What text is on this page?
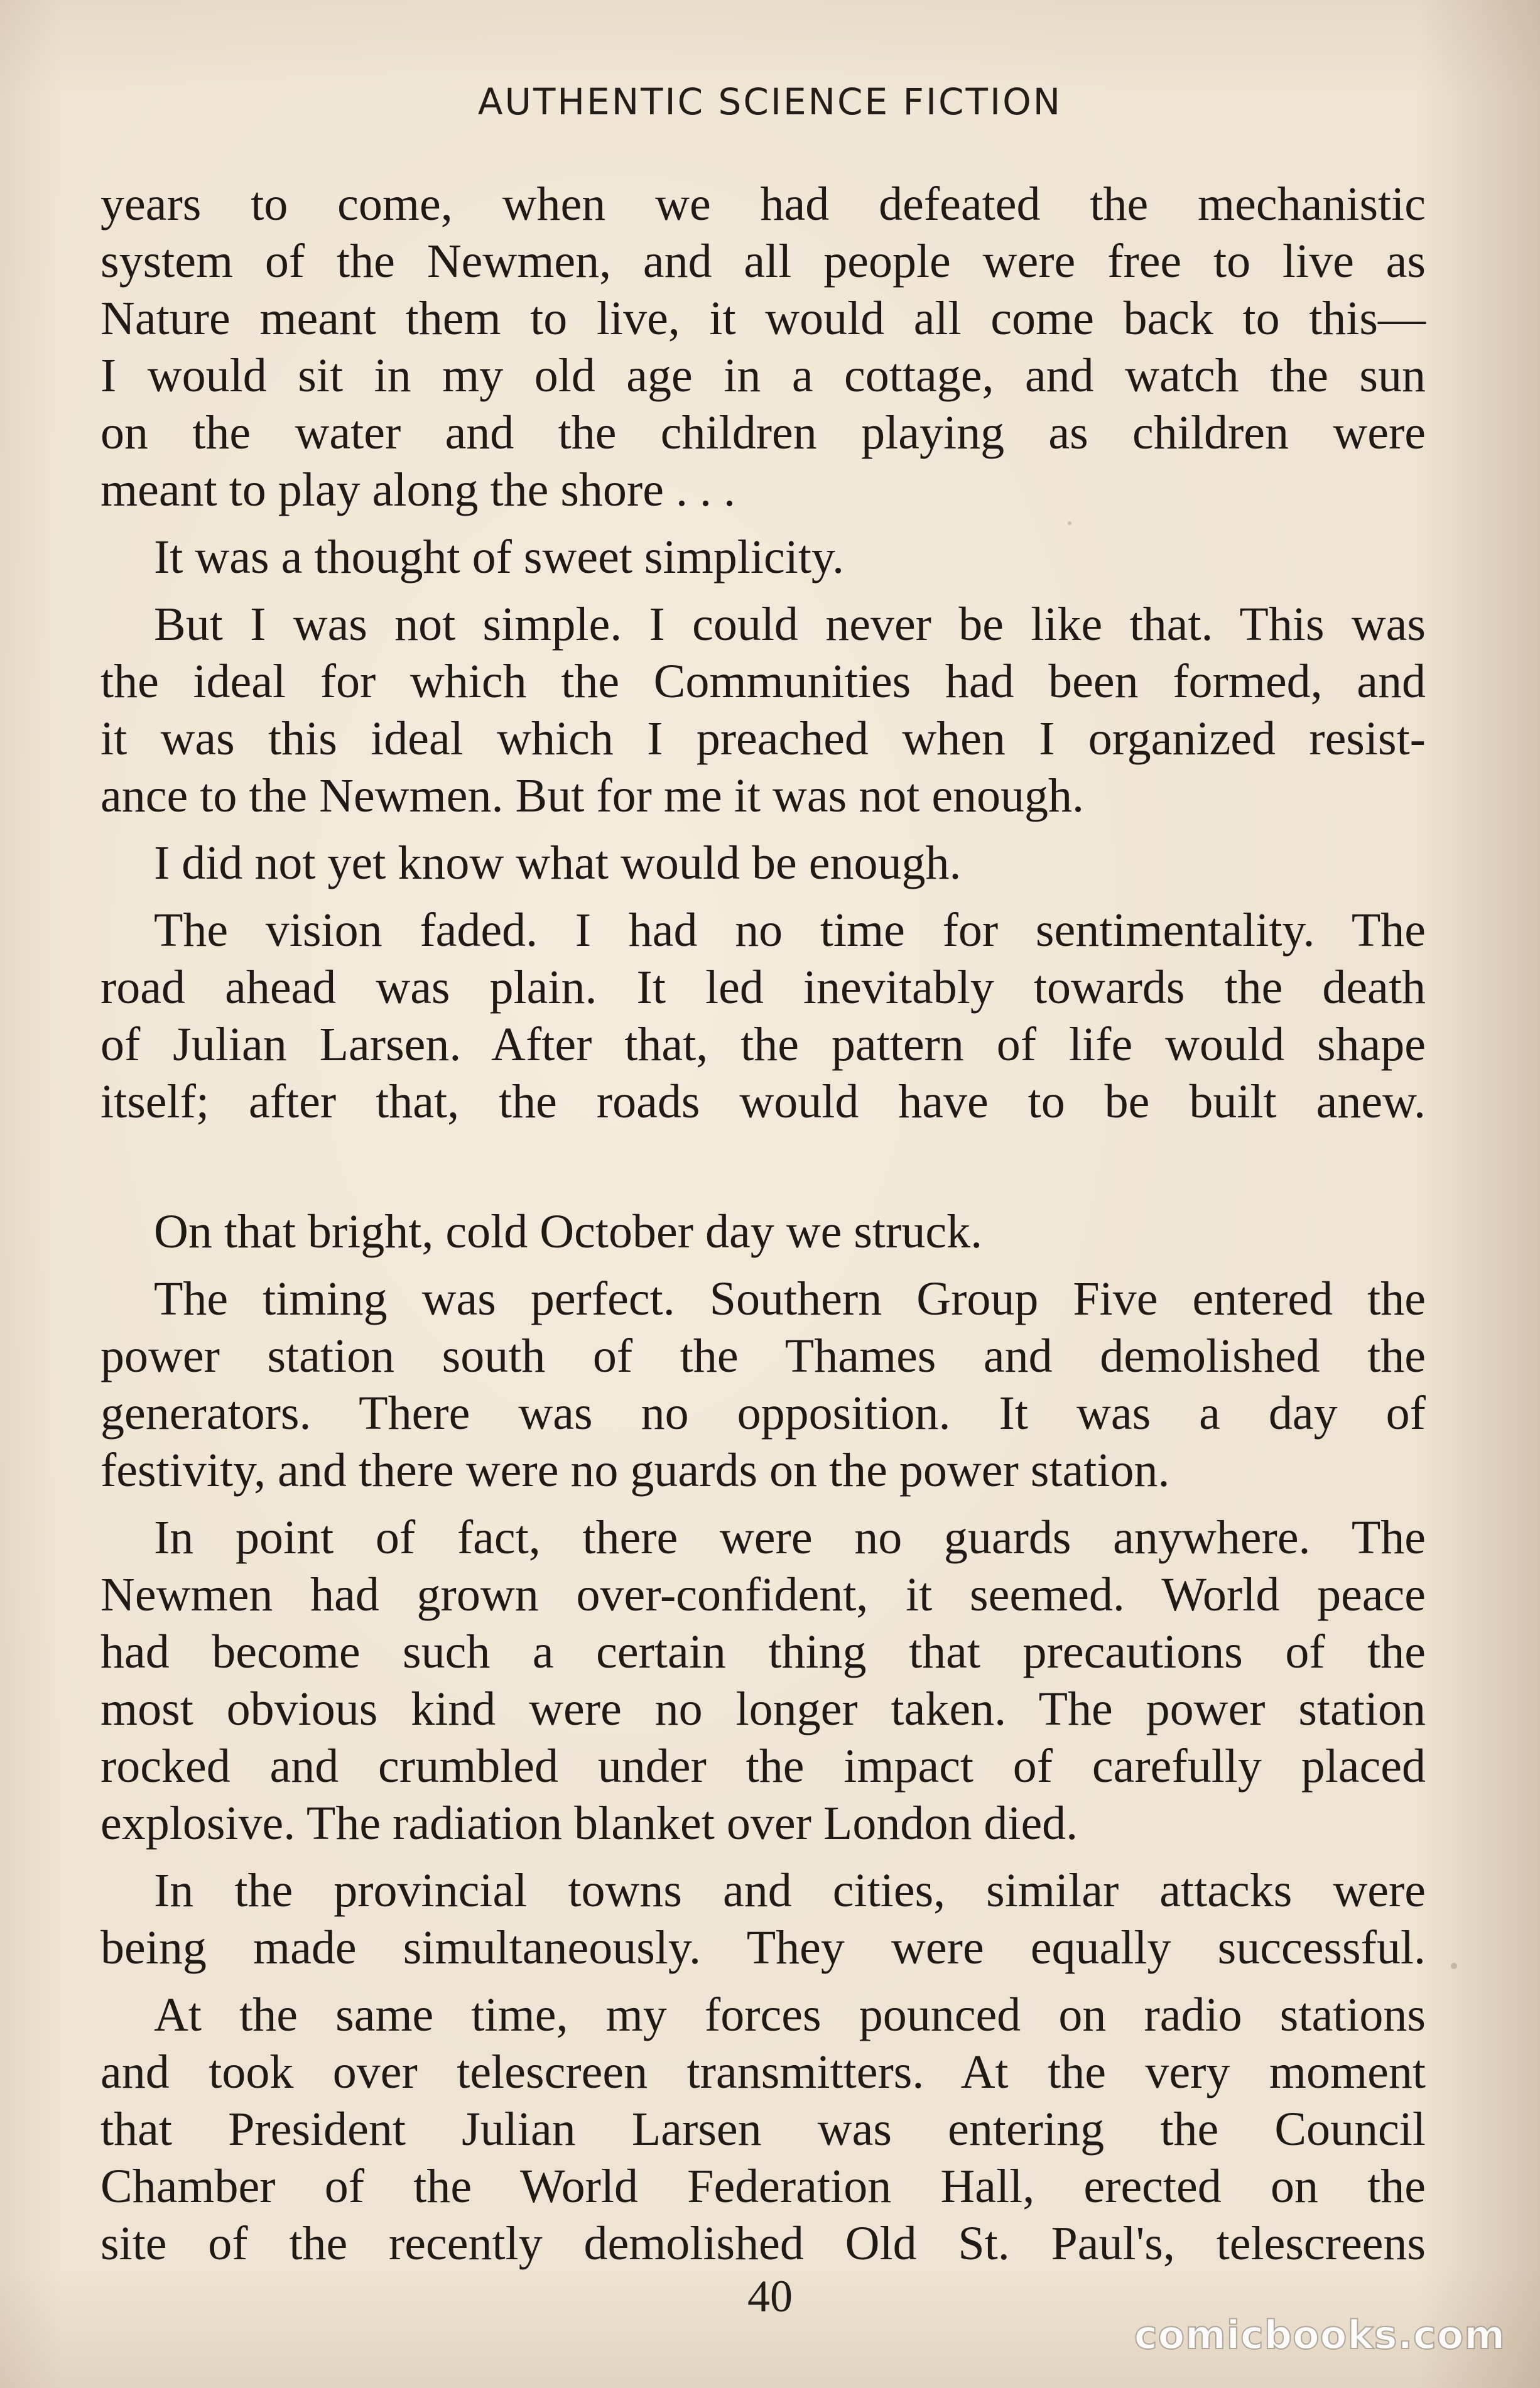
AUTHENTIC SCIENCE FICTION
years to come, when we had defeated the mechanistic
system of the Newmen, and all people were free to live as
Nature meant them to live, it would all come back to this—
I would sit in my old age in a cottage, and watch the sun
on the water and the children playing as children were
meant to play along the shore . . .
It was a thought of sweet simplicity.
But I was not simple. I could never be like that. This was
the ideal for which the Communities had been formed, and
it was this ideal which I preached when I organized resist-
ance to the Newmen. But for me it was not enough.
I did not yet know what would be enough.
The vision faded. I had no time for sentimentality. The
road ahead was plain. It led inevitably towards the death
of Julian Larsen. After that, the pattern of life would shape
itself; after that, the roads would have to be built anew.
On that bright, cold October day we struck.
The timing was perfect. Southern Group Five entered the
power station south of the Thames and demolished the
generators. There was no opposition. It was a day of
festivity, and there were no guards on the power station.
In point of fact, there were no guards anywhere. The
Newmen had grown over-confident, it seemed. World peace
had become such a certain thing that precautions of the
most obvious kind were no longer taken. The power station
rocked and crumbled under the impact of carefully placed
explosive. The radiation blanket over London died.
In the provincial towns and cities, similar attacks were
being made simultaneously. They were equally successful.
At the same time, my forces pounced on radio stations
and took over telescreen transmitters. At the very moment
that President Julian Larsen was entering the Council
Chamber of the World Federation Hall, erected on the
site of the recently demolished Old St. Paul's, telescreens
40
comicbooks.com
